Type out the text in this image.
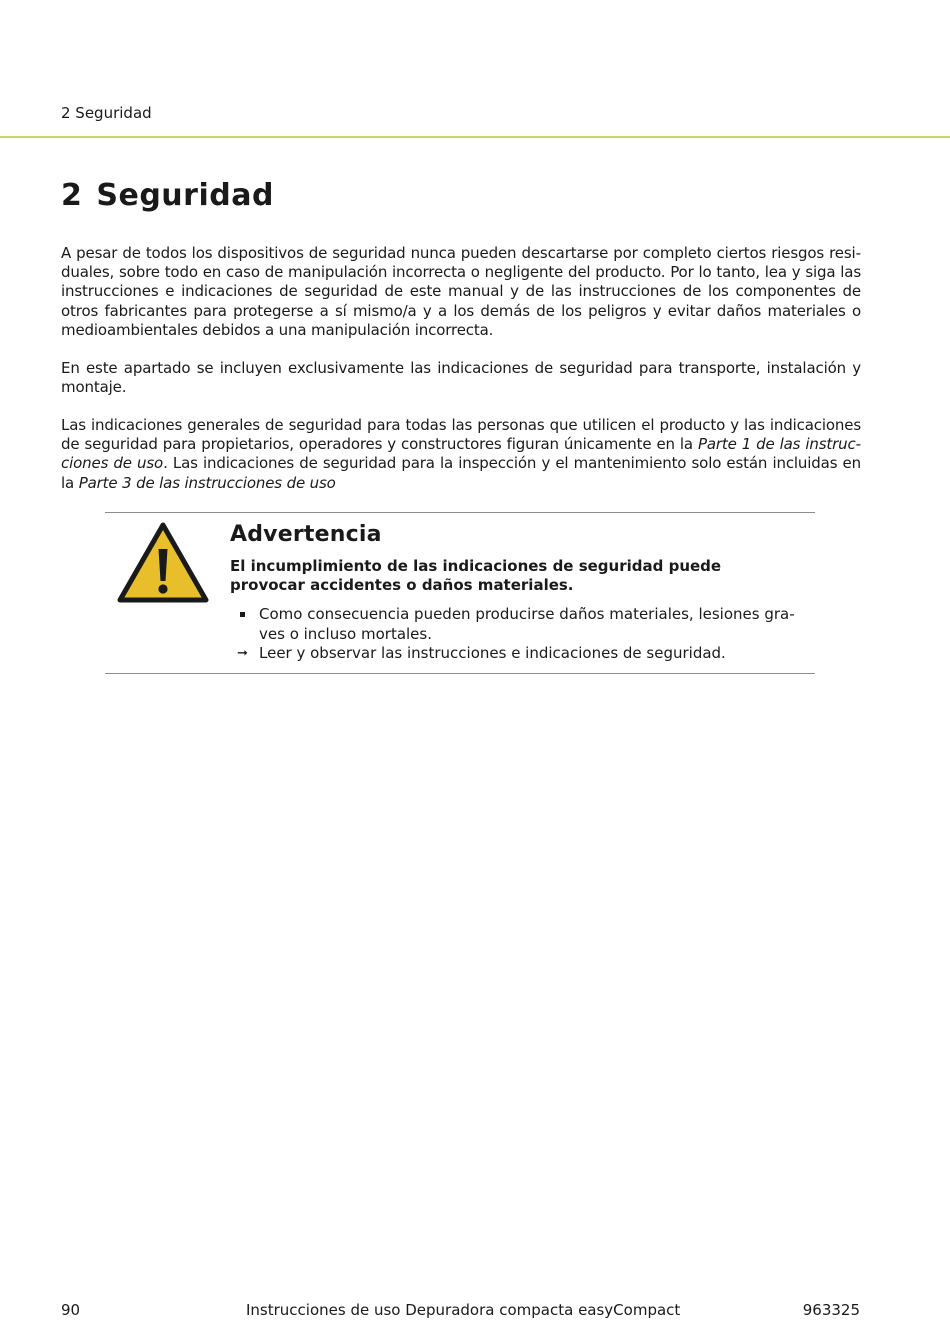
2 Seguridad
2 Seguridad

A pesar de todos los dispositivos de seguridad nunca pueden descartarse por completo ciertos riesgos residuales, sobre todo en caso de manipulación incorrecta o negligente del producto. Por lo tanto, lea y siga las instrucciones e indicaciones de seguridad de este manual y de las instrucciones de los componentes de otros fabricantes para protegerse a sí mismo/a y a los demás de los peligros y evitar daños materiales o medioambientales debidos a una manipulación incorrecta.

En este apartado se incluyen exclusivamente las indicaciones de seguridad para transporte, instalación y montaje.

Las indicaciones generales de seguridad para todas las personas que utilicen el producto y las indicaciones de seguridad para propietarios, operadores y constructores figuran únicamente en la Parte 1 de las instrucciones de uso. Las indicaciones de seguridad para la inspección y el mantenimiento solo están incluidas en la Parte 3 de las instrucciones de uso

Advertencia

El incumplimiento de las indicaciones de seguridad puede provocar accidentes o daños materiales.

Como consecuencia pueden producirse daños materiales, lesiones graves o incluso mortales.
➞ Leer y observar las instrucciones e indicaciones de seguridad.
90	Instrucciones de uso Depuradora compacta easyCompact	963325
